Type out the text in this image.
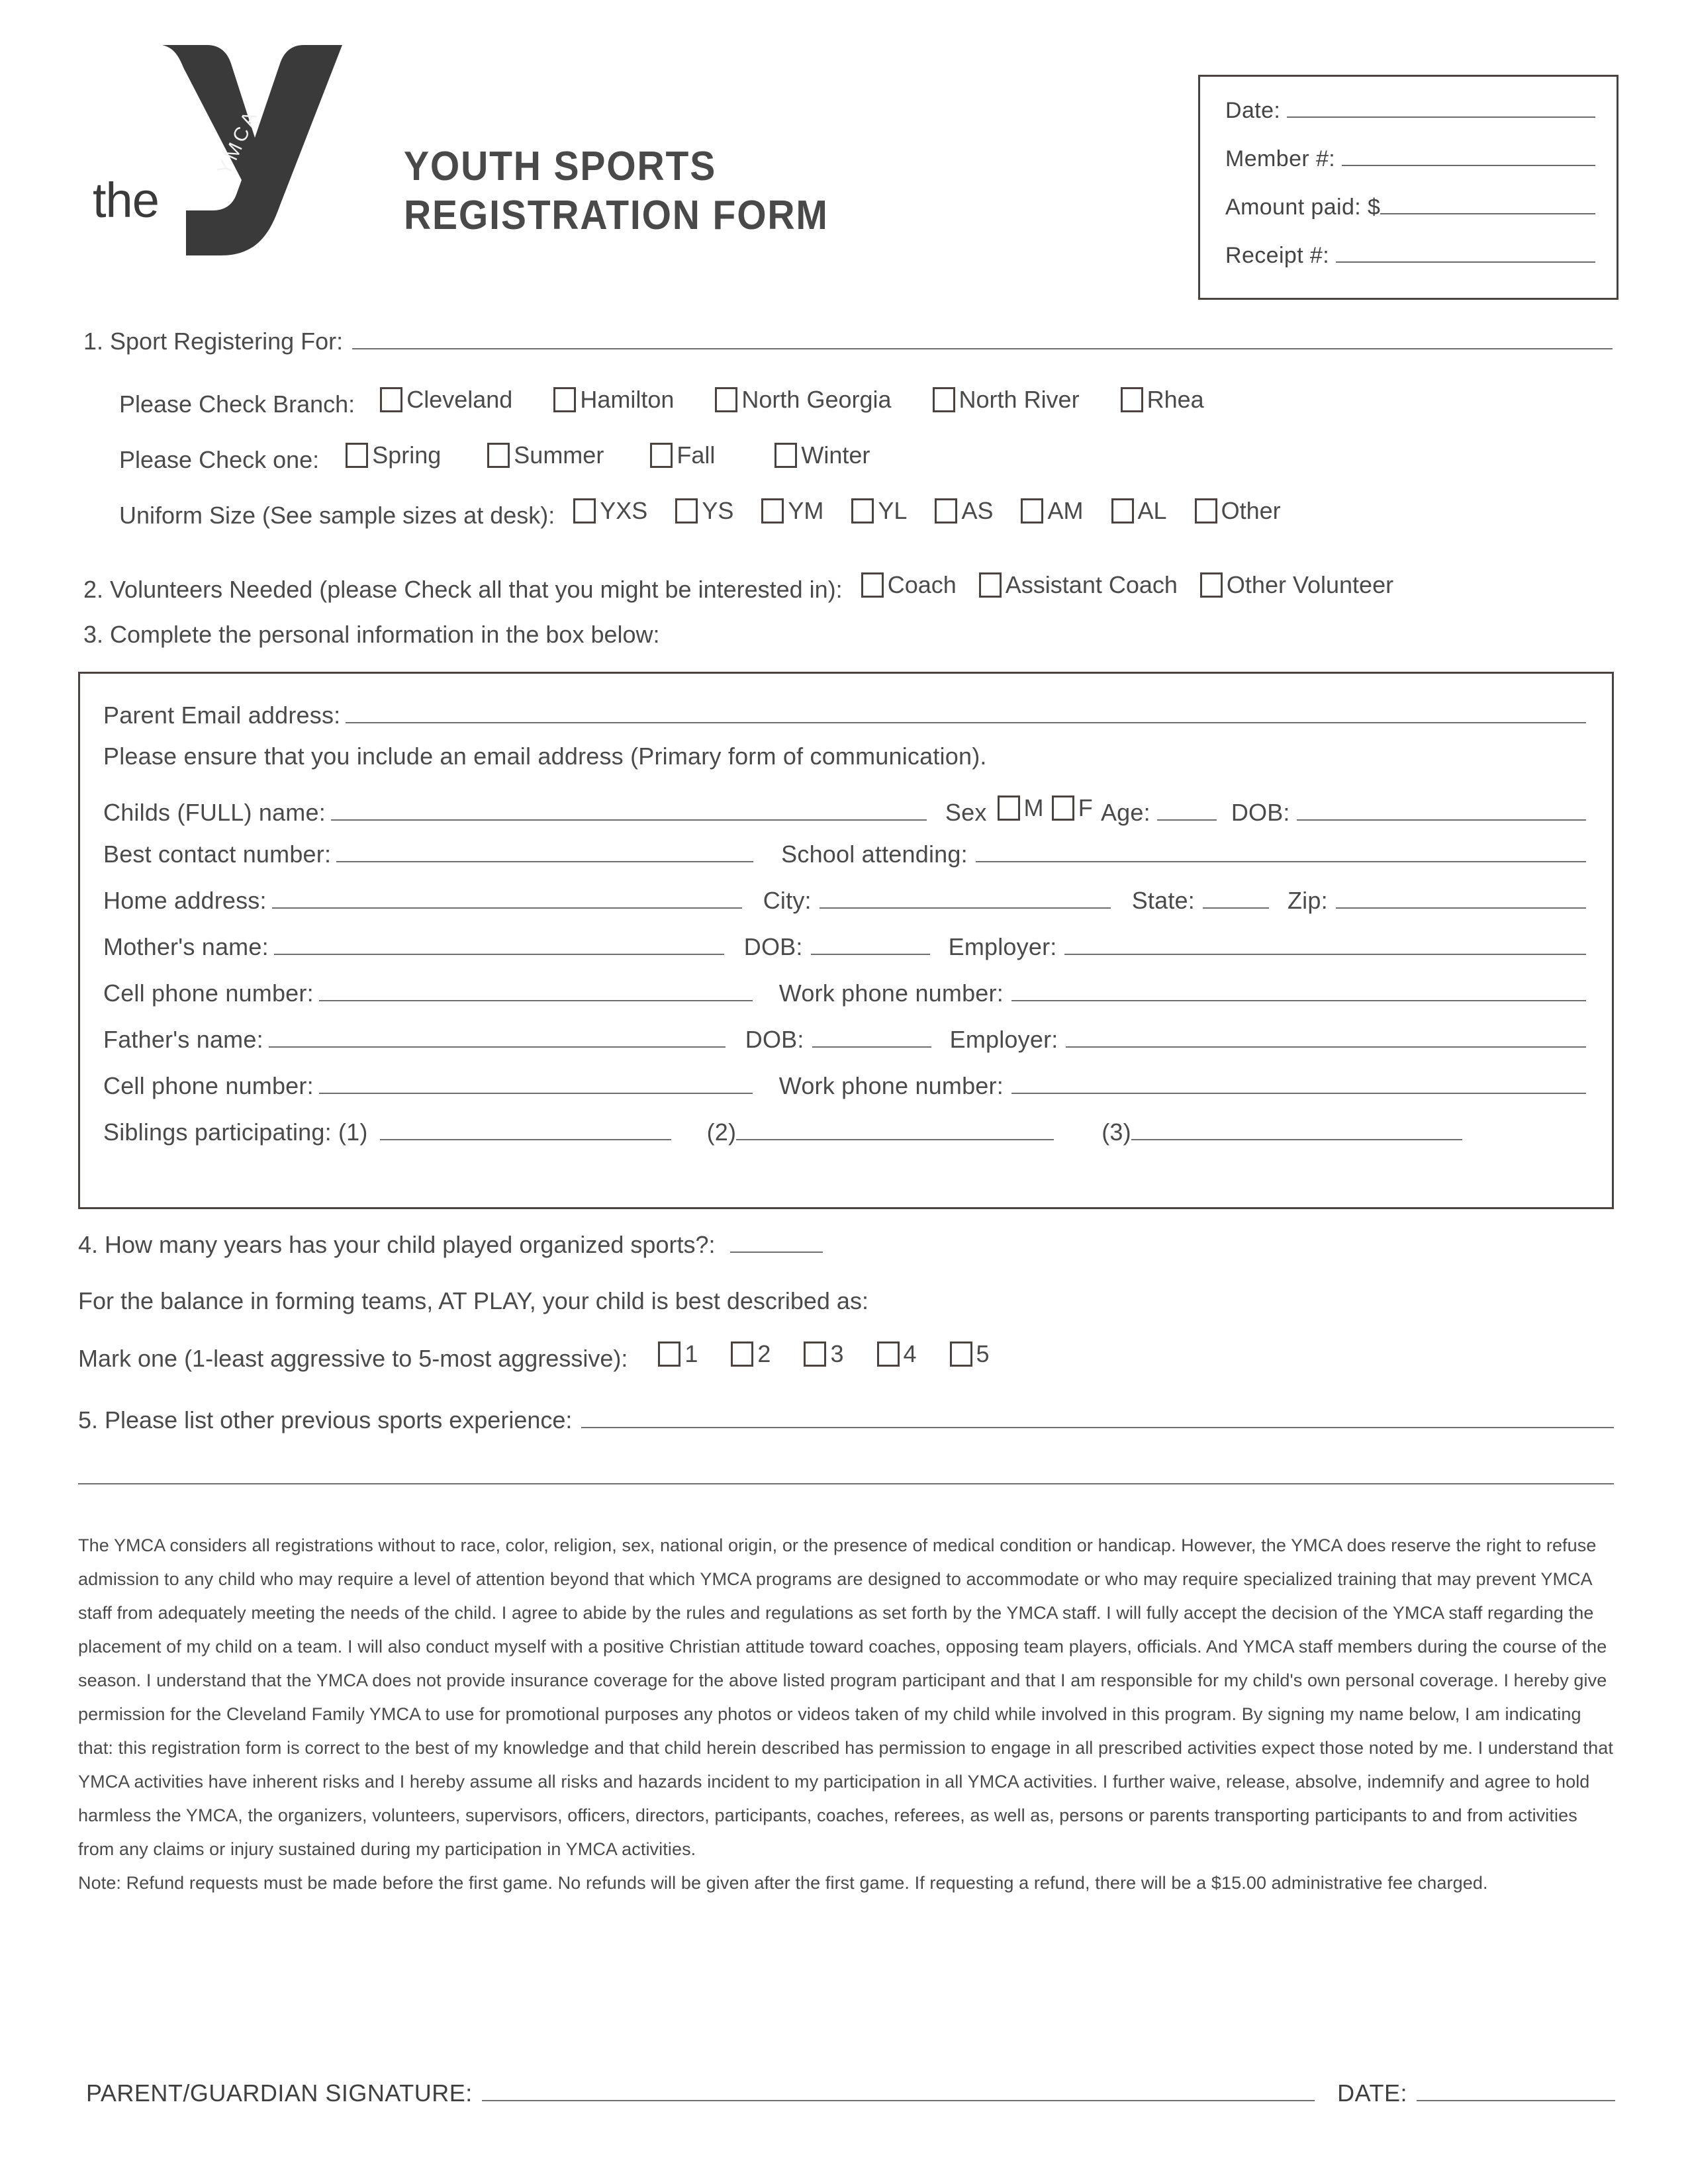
the
®
YMCA	YOUTH SPORTS
REGISTRATION FORM
Date:
Member #:
Amount paid: $
Receipt #:
1. Sport Registering For:
Please Check Branch: Cleveland
	Hamilton
	North Georgia
	North River
	Rhea
Please Check one: Spring
	Summer
	Fall
	Winter
Uniform Size (See sample sizes at desk): YXS
YS
YM
YL
AS
AM
AL
Other
2. Volunteers Needed (please Check all that you might be interested in): Coach
Assistant Coach
Other Volunteer
3. Complete the personal information in the box below:
Parent Email address:
Please ensure that you include an email address (Primary form of communication).
Childs (FULL) name:	Sex M F Age:	DOB:
Best contact number:	School attending:
Home address:	City:	State:	Zip:
Mother's name:	DOB:	Employer:
Cell phone number:	Work phone number:
Father's name:	DOB:	Employer:
Cell phone number:	Work phone number:
Siblings participating: (1)	(2)	(3)
4. How many years has your child played organized sports?:
For the balance in forming teams, AT PLAY, your child is best described as:
Mark one (1-least aggressive to 5-most aggressive): 1
	2
	3
	4
	5
5. Please list other previous sports experience:

The YMCA considers all registrations without to race, color, religion, sex, national origin, or the presence of medical condition or handicap. However, the YMCA does reserve the right to refuse admission to any child who may require a level of attention beyond that which YMCA programs are designed to accommodate or who may require specialized training that may prevent YMCA staff from adequately meeting the needs of the child. I agree to abide by the rules and regulations as set forth by the YMCA staff. I will fully accept the decision of the YMCA staff regarding the placement of my child on a team. I will also conduct myself with a positive Christian attitude toward coaches, opposing team players, officials. And YMCA staff members during the course of the season. I understand that the YMCA does not provide insurance coverage for the above listed program participant and that I am responsible for my child's own personal coverage. I hereby give permission for the Cleveland Family YMCA to use for promotional purposes any photos or videos taken of my child while involved in this program. By signing my name below, I am indicating that: this registration form is correct to the best of my knowledge and that child herein described has permission to engage in all prescribed activities expect those noted by me. I understand that YMCA activities have inherent risks and I hereby assume all risks and hazards incident to my participation in all YMCA activities. I further waive, release, absolve, indemnify and agree to hold harmless the YMCA, the organizers, volunteers, supervisors, officers, directors, participants, coaches, referees, as well as, persons or parents transporting participants to and from activities from any claims or injury sustained during my participation in YMCA activities.

Note: Refund requests must be made before the first game. No refunds will be given after the first game. If requesting a refund, there will be a $15.00 administrative fee charged.

PARENT/GUARDIAN SIGNATURE:	DATE:
